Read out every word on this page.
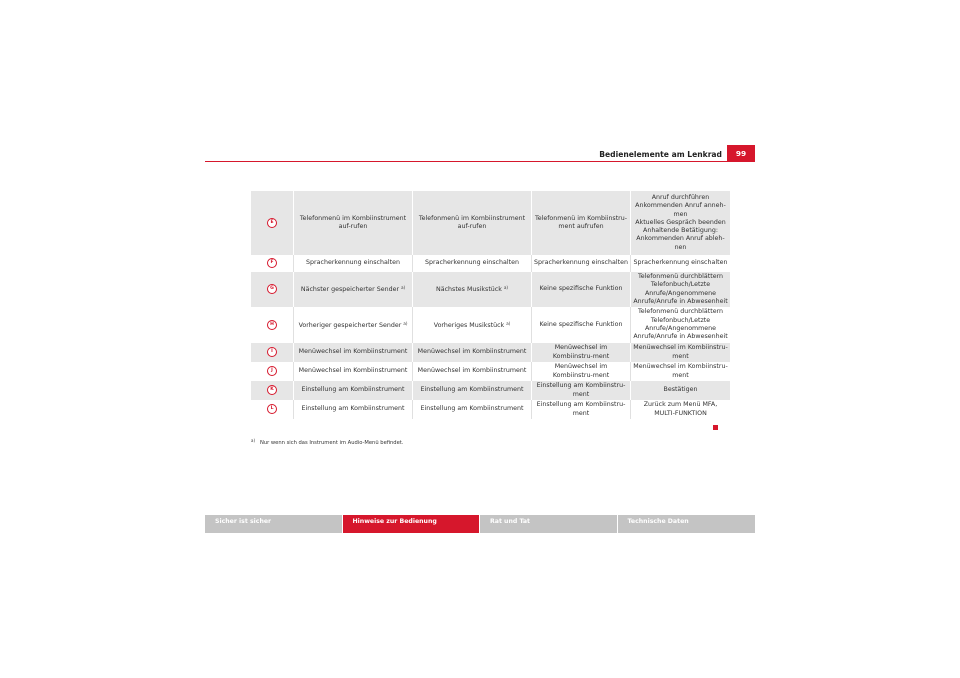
Bedienelemente am Lenkrad	99
E	Telefonmenü im Kombiinstrument auf-rufen	Telefonmenü im Kombiinstrument auf-rufen	Telefonmenü im Kombiinstru-ment aufrufen	Anruf durchführen
Ankommenden Anruf anneh-men
Aktuelles Gespräch beenden
Anhaltende Betätigung:
Ankommenden Anruf ableh-nen
F	Spracherkennung einschalten	Spracherkennung einschalten	Spracherkennung einschalten	Spracherkennung einschalten
G	Nächster gespeicherter Sender $^{a)}$	Nächstes Musikstück $^{a)}$	Keine spezifische Funktion	Telefonmenü durchblättern
Telefonbuch/Letzte
Anrufe/Angenommene
Anrufe/Anrufe in Abwesenheit
H	Vorheriger gespeicherter Sender $^{a)}$	Vorheriges Musikstück $^{a)}$	Keine spezifische Funktion	Telefonmenü durchblättern
Telefonbuch/Letzte
Anrufe/Angenommene
Anrufe/Anrufe in Abwesenheit
I	Menüwechsel im Kombiinstrument	Menüwechsel im Kombiinstrument	Menüwechsel im Kombiinstru-ment	Menüwechsel im Kombiinstru-ment
J	Menüwechsel im Kombiinstrument	Menüwechsel im Kombiinstrument	Menüwechsel im Kombiinstru-ment	Menüwechsel im Kombiinstru-ment
K	Einstellung am Kombiinstrument	Einstellung am Kombiinstrument	Einstellung am Kombiinstru-ment	Bestätigen
L	Einstellung am Kombiinstrument	Einstellung am Kombiinstrument	Einstellung am Kombiinstru-ment	Zurück zum Menü MFA, MULTI-FUNKTION
$^{a)}$ Nur wenn sich das Instrument im Audio-Menü befindet.
Sicher ist sicher	Hinweise zur Bedienung	Rat und Tat	Technische Daten
